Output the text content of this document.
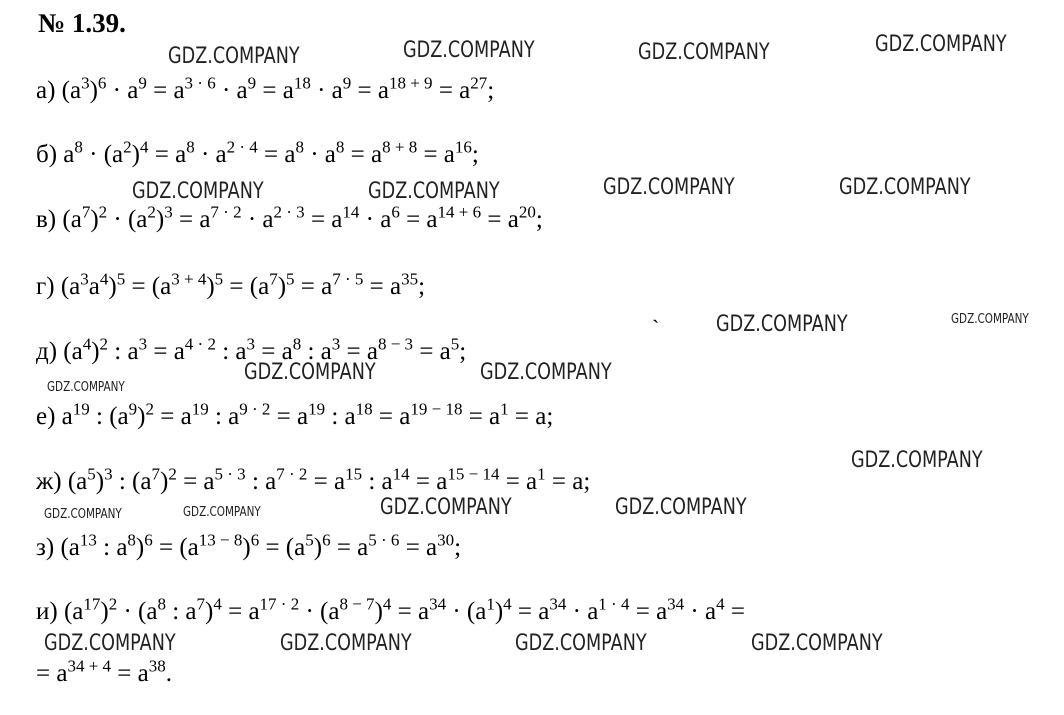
№ 1.39.
а) $(a^3)^6 \cdot a^9 = a^{3 \cdot 6} \cdot a^9 = a^{18} \cdot a^9 = a^{18 + 9} = a^{27}$;
б) $a^8 \cdot (a^2)^4 = a^8 \cdot a^{2 \cdot 4} = a^8 \cdot a^8 = a^{8 + 8} = a^{16}$;
в) $(a^7)^2 \cdot (a^2)^3 = a^{7 \cdot 2} \cdot a^{2 \cdot 3} = a^{14} \cdot a^6 = a^{14 + 6} = a^{20}$;
г) $(a^3a^4)^5 = (a^{3 + 4})^5 = (a^7)^5 = a^{7 \cdot 5} = a^{35}$;
д) $(a^4)^2$ : $a^3 = a^{4 \cdot 2}$ : $a^3 = a^8$ : $a^3 = a^{8 - 3} = a^5$;
е) $a^{19}$ : $(a^9)^2 = a^{19}$ : $a^{9 \cdot 2} = a^{19}$ : $a^{18} = a^{19 - 18} = a^1 = a$;
ж) $(a^5)^3$ : $(a^7)^2 = a^{5 \cdot 3}$ : $a^{7 \cdot 2} = a^{15}$ : $a^{14} = a^{15 - 14} = a^1 = a$;
з) ($a^{13}$ : $a^8)^6 = (a^{13 - 8})^6 = (a^5)^6 = a^{5 \cdot 6} = a^{30}$;
и) $(a^{17})^2 \cdot (a^8$ : $a^7)^4 = a^{17 \cdot 2} \cdot (a^{8 - 7})^4 = a^{34} \cdot (a^1)^4 = a^{34} \cdot a^{1 \cdot 4} = a^{34} \cdot a^4$ =
= $a^{34 + 4} = a^{38}$.
GDZ.COMPANY	GDZ.COMPANY	GDZ.COMPANY	GDZ.COMPANY
GDZ.COMPANY	GDZ.COMPANY	GDZ.COMPANY	GDZ.COMPANY
GDZ.COMPANY	GDZ.COMPANY
GDZ.COMPANY	GDZ.COMPANY
GDZ.COMPANY
GDZ.COMPANY
GDZ.COMPANY	GDZ.COMPANY
GDZ.COMPANY	GDZ.COMPANY
GDZ.COMPANY	GDZ.COMPANY	GDZ.COMPANY	GDZ.COMPANY
ˋ
